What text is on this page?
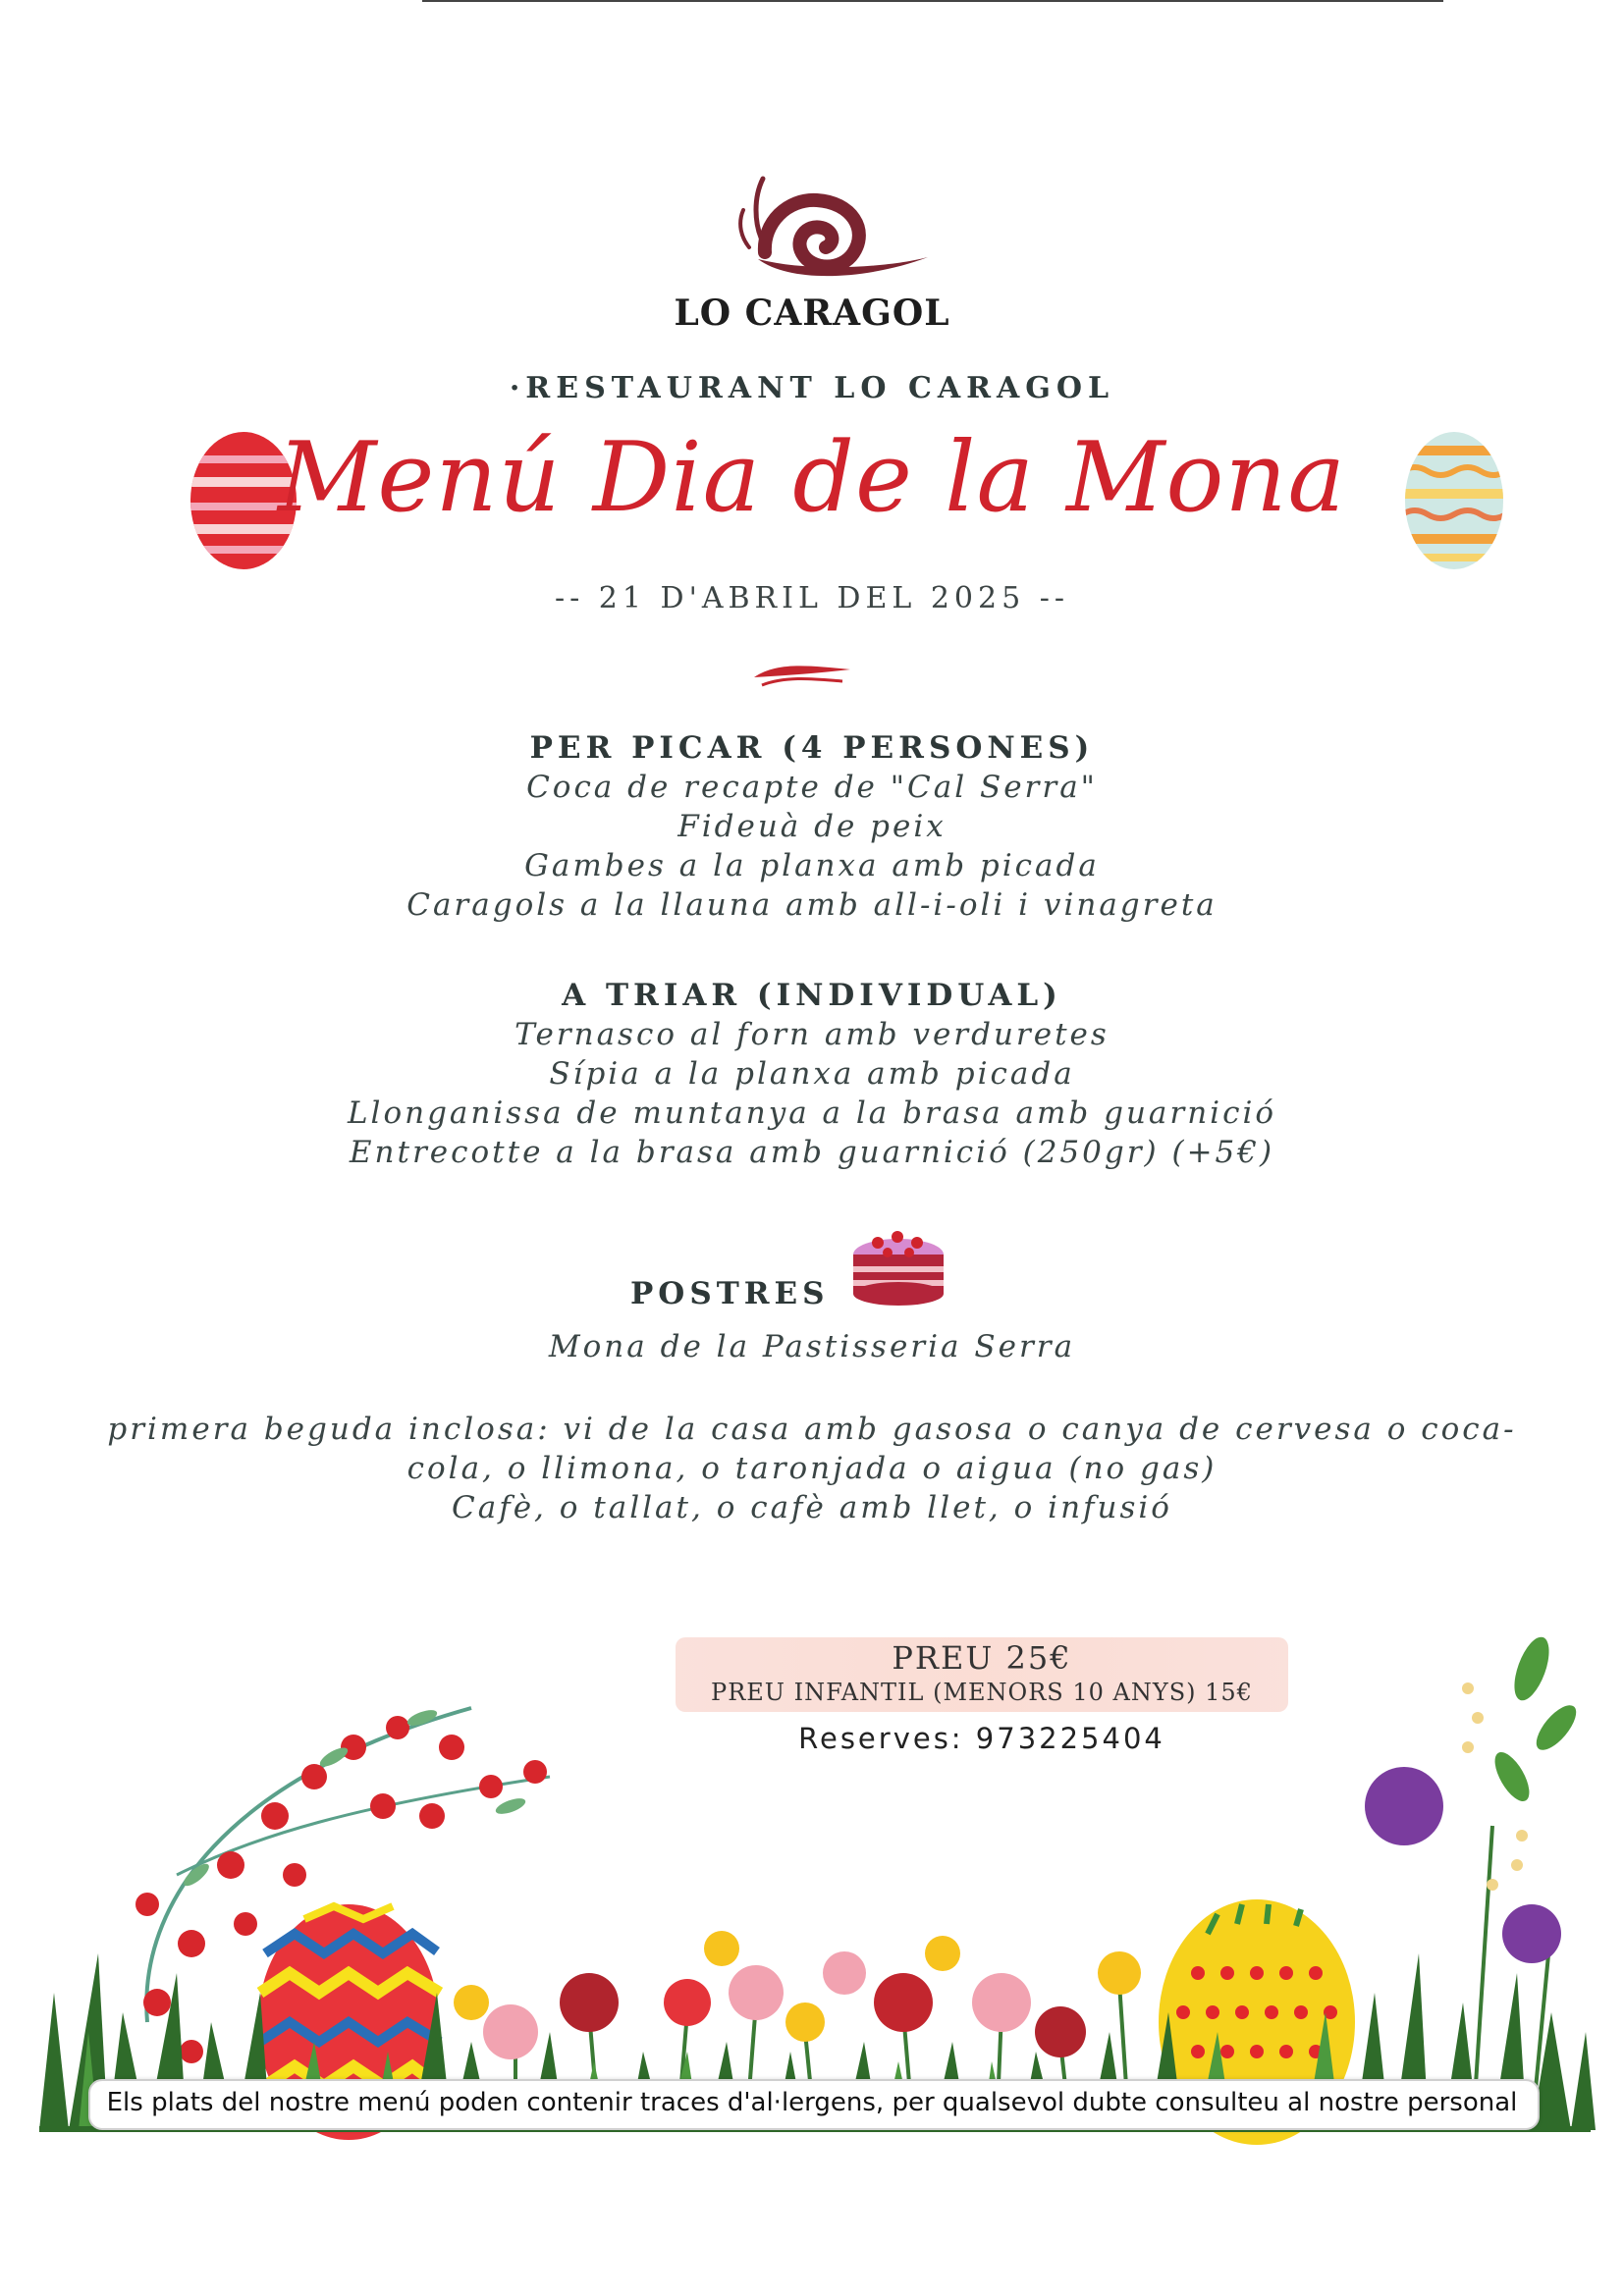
LO CARAGOL
·RESTAURANT LO CARAGOL
Menú Dia de la Mona
-- 21 D'ABRIL DEL 2025 --
PER PICAR (4 PERSONES)
Coca de recapte de "Cal Serra"
Fideuà de peix
Gambes a la planxa amb picada
Caragols a la llauna amb all-i-oli i vinagreta
A TRIAR (INDIVIDUAL)
Ternasco al forn amb verduretes
Sípia a la planxa amb picada
Llonganissa de muntanya a la brasa amb guarnició
Entrecotte a la brasa amb guarnició (250gr) (+5€)
POSTRES
Mona de la Pastisseria Serra
primera beguda inclosa: vi de la casa amb gasosa o canya de cervesa o coca-
cola, o llimona, o taronjada o aigua (no gas)
Cafè, o tallat, o cafè amb llet, o infusió
PREU 25€
PREU INFANTIL (MENORS 10 ANYS) 15€
Reserves: 973225404
Els plats del nostre menú poden contenir traces d'al·lergens, per qualsevol dubte consulteu al nostre personal
